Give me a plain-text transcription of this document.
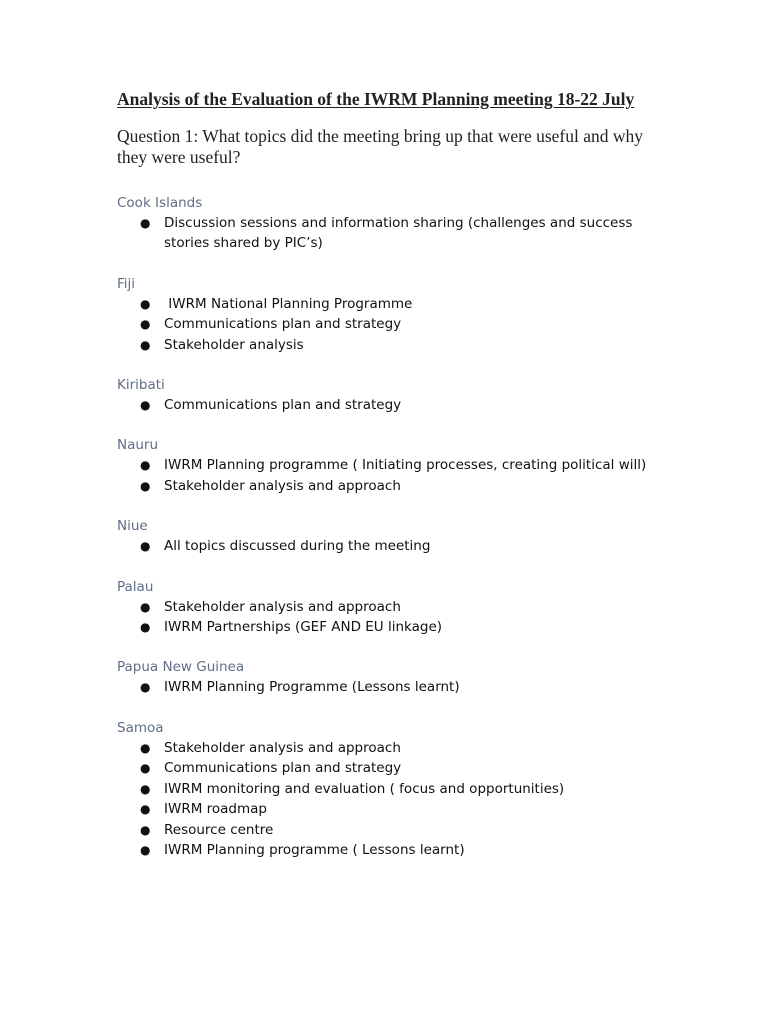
Analysis of the Evaluation of the IWRM Planning meeting 18-22 July

Question 1: What topics did the meeting bring up that were useful and why they were useful?

Cook Islands

● Discussion sessions and information sharing (challenges and success stories shared by PIC’s)

Fiji

● IWRM National Planning Programme
● Communications plan and strategy
● Stakeholder analysis

Kiribati

● Communications plan and strategy

Nauru

● IWRM Planning programme ( Initiating processes, creating political will)
● Stakeholder analysis and approach

Niue

● All topics discussed during the meeting

Palau

● Stakeholder analysis and approach
● IWRM Partnerships (GEF AND EU linkage)

Papua New Guinea

● IWRM Planning Programme (Lessons learnt)

Samoa

● Stakeholder analysis and approach
● Communications plan and strategy
● IWRM monitoring and evaluation ( focus and opportunities)
● IWRM roadmap
● Resource centre
● IWRM Planning programme ( Lessons learnt)
